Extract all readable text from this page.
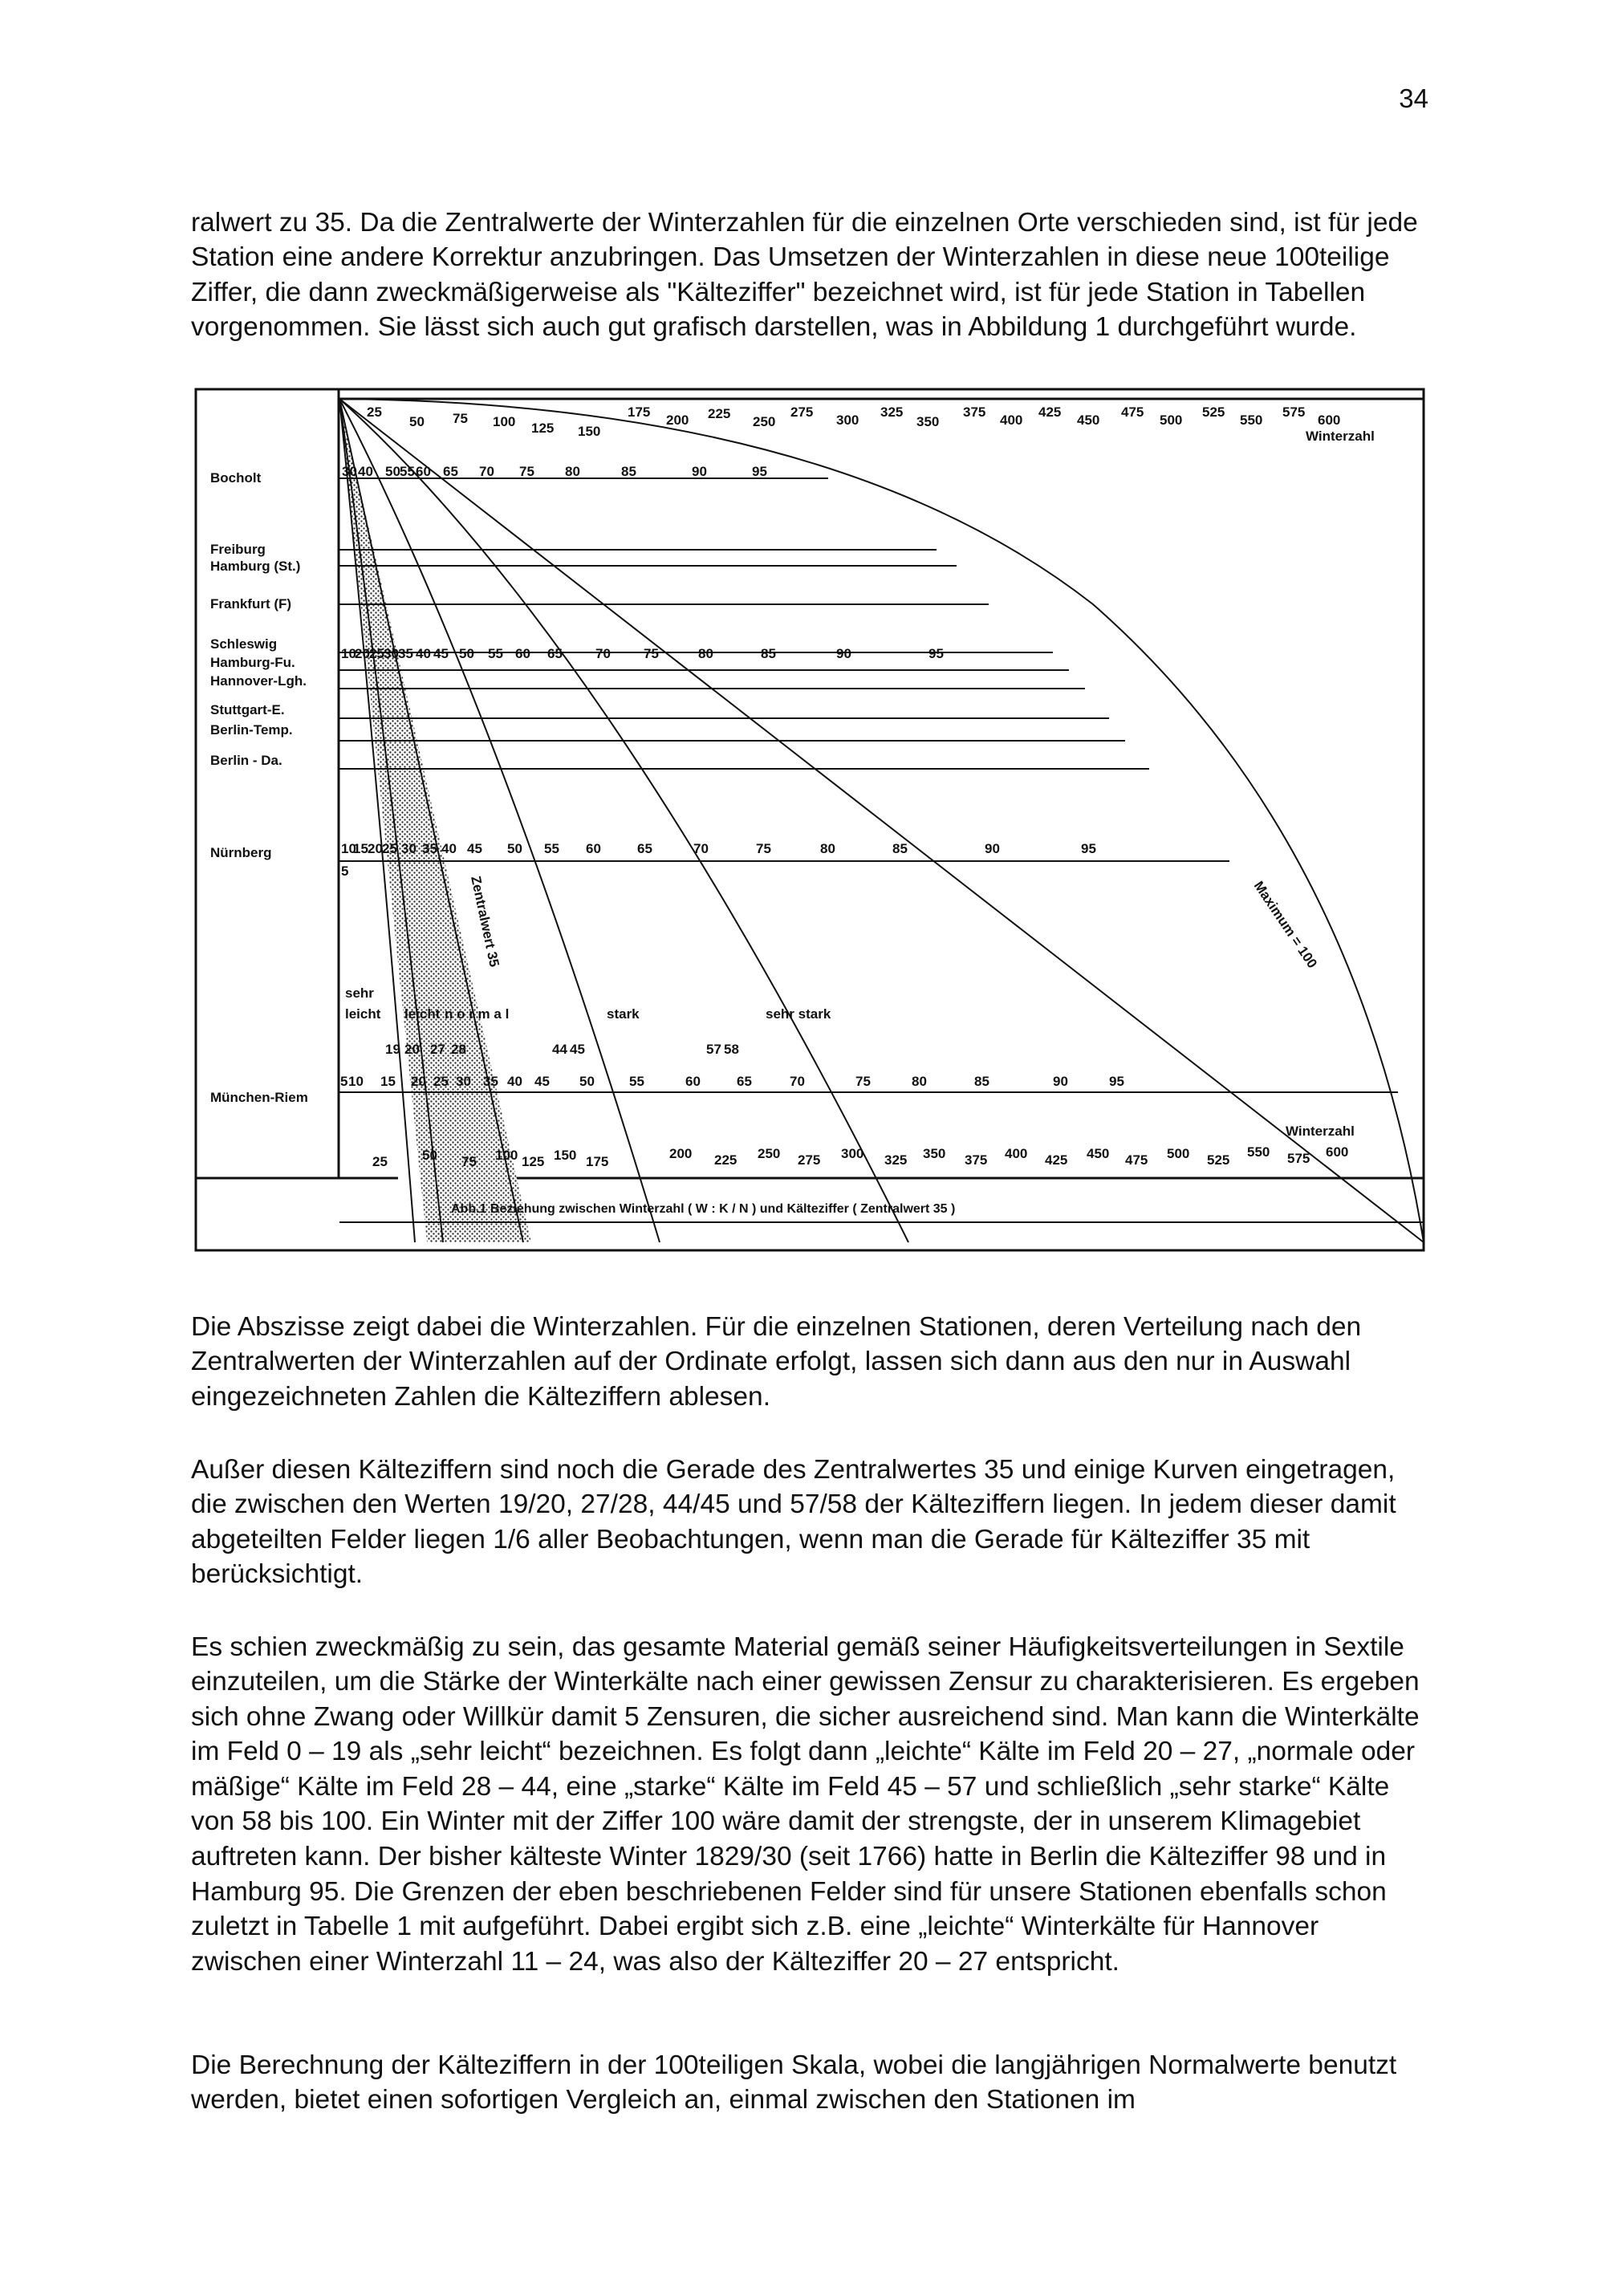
34

ralwert zu 35. Da die Zentralwerte der Winterzahlen für die einzelnen Orte verschieden sind, ist für jede Station eine andere Korrektur anzubringen. Das Umsetzen der Winterzahlen in diese neue 100teilige Ziffer, die dann zweckmäßigerweise als "Kälteziffer" bezeichnet wird, ist für jede Station in Tabellen vorgenommen. Sie lässt sich auch gut grafisch darstellen, was in Abbildung 1 durchgeführt wurde.

25
50 75 100 125 150
175
200 225
250
275
300
325
350
375
400
425
450
475
500
525
550
575
600
Winterzahl
Bocholt
Freiburg
Hamburg (St.)
Frankfurt (F)
Schleswig
Hamburg-Fu.
Hannover-Lgh.
Stuttgart-E.
Berlin-Temp.
Berlin - Da.
Nürnberg
München-Riem
30 40 50 55 60 65 70 75 80	85	90	95
10
20 25 30 35 40 45 50 55 60 65 70 75	80	85	90	95
10
15 20 25 30 35 40 45 50 55 60	65	70	75	80	85	90	95
5
5 10 15 20 25 30 35 40 45 50	55	60	65	70	75	80	85	90	95
sehr
leicht leicht n o r m a l	stark	sehr stark
19 20 27 28	44 45	57 58
Zentralwert 35	Maximum = 100
25	50 75 100 125 150 175
200 225 250 275 300 325 350 375 400 425 450 475 500 525
550 575 600
Winterzahl
Abb.1 Beziehung zwischen Winterzahl ( W : K / N ) und Kälteziffer ( Zentralwert 35 )

Die Abszisse zeigt dabei die Winterzahlen. Für die einzelnen Stationen, deren Verteilung nach den Zentralwerten der Winterzahlen auf der Ordinate erfolgt, lassen sich dann aus den nur in Auswahl eingezeichneten Zahlen die Kälteziffern ablesen.

Außer diesen Kälteziffern sind noch die Gerade des Zentralwertes 35 und einige Kurven eingetragen, die zwischen den Werten 19/20, 27/28, 44/45 und 57/58 der Kälteziffern liegen. In jedem dieser damit abgeteilten Felder liegen 1/6 aller Beobachtungen, wenn man die Gerade für Kälteziffer 35 mit berücksichtigt.

Es schien zweckmäßig zu sein, das gesamte Material gemäß seiner Häufigkeitsverteilungen in Sextile einzuteilen, um die Stärke der Winterkälte nach einer gewissen Zensur zu charakterisieren. Es ergeben sich ohne Zwang oder Willkür damit 5 Zensuren, die sicher ausreichend sind. Man kann die Winterkälte im Feld 0 – 19 als „sehr leicht“ bezeichnen. Es folgt dann „leichte“ Kälte im Feld 20 – 27, „normale oder mäßige“ Kälte im Feld 28 – 44, eine „starke“ Kälte im Feld 45 – 57 und schließlich „sehr starke“ Kälte von 58 bis 100. Ein Winter mit der Ziffer 100 wäre damit der strengste, der in unserem Klimagebiet auftreten kann. Der bisher kälteste Winter 1829/30 (seit 1766) hatte in Berlin die Kälteziffer 98 und in Hamburg 95. Die Grenzen der eben beschriebenen Felder sind für unsere Stationen ebenfalls schon zuletzt in Tabelle 1 mit aufgeführt. Dabei ergibt sich z.B. eine „leichte“ Winterkälte für Hannover zwischen einer Winterzahl 11 – 24, was also der Kälteziffer 20 – 27 entspricht.

Die Berechnung der Kälteziffern in der 100teiligen Skala, wobei die langjährigen Normalwerte benutzt werden, bietet einen sofortigen Vergleich an, einmal zwischen den Stationen im
